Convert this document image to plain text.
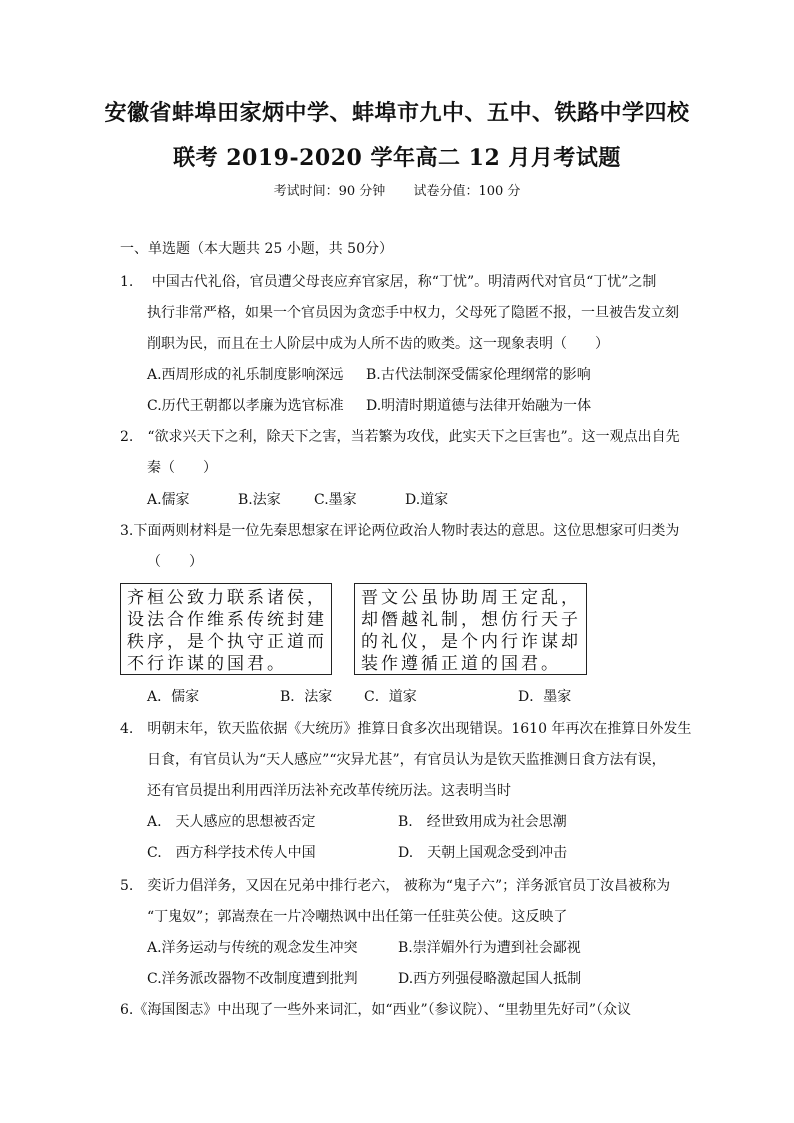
安徽省蚌埠田家炳中学、蚌埠市九中、五中、铁路中学四校
联考 2019-2020 学年高二 12 月月考试题
考试时间：90 分钟 试卷分值：100 分
一、单选题（本大题共 25 小题，共 50分）
1.　 中国古代礼俗，官员遭父母丧应弃官家居，称“丁忧”。明清两代对官员“丁忧”之制
执行非常严格，如果一个官员因为贪恋手中权力，父母死了隐匿不报，一旦被告发立刻
削职为民，而且在士人阶层中成为人所不齿的败类。这一现象表明（　　）
A.西周形成的礼乐制度影响深远 B.古代法制深受儒家伦理纲常的影响
C.历代王朝都以孝廉为选官标准 D.明清时期道德与法律开始融为一体
2.　“欲求兴天下之利，除天下之害，当若繁为攻伐，此实天下之巨害也”。这一观点出自先
秦（　　）
A.儒家	B.法家 C.墨家	D.道家
3.下面两则材料是一位先秦思想家在评论两位政治人物时表达的意思。这位思想家可归类为
（　　）
齐桓公致力联系诸侯，
设法合作维系传统封建
秩序，是个执守正道而
不行诈谋的国君。
晋文公虽协助周王定乱，
却僭越礼制，想仿行天子
的礼仪，是个内行诈谋却
装作遵循正道的国君。
A．儒家	B．法家 C．道家	D．墨家
4.　明朝末年，钦天监依据《大统历》推算日食多次出现错误。1610 年再次在推算日外发生
日食，有官员认为“天人感应”“灾异尤甚”，有官员认为是钦天监推测日食方法有误，
还有官员提出利用西洋历法补充改革传统历法。这表明当时
A.　天人感应的思想被否定	B.　经世致用成为社会思潮
C.　西方科学技术传人中国	D.　天朝上国观念受到冲击
5.　奕䜣力倡洋务，又因在兄弟中排行老六， 被称为“鬼子六”；洋务派官员丁汝昌被称为
“丁鬼奴”；郭嵩焘在一片冷嘲热讽中出任第一任驻英公使。这反映了
A.洋务运动与传统的观念发生冲突	B.崇洋媚外行为遭到社会鄙视
C.洋务派改器物不改制度遭到批判	D.西方列强侵略激起国人抵制
6.《海国图志》中出现了一些外来词汇，如“西业”（参议院）、“里勃里先好司”（众议
